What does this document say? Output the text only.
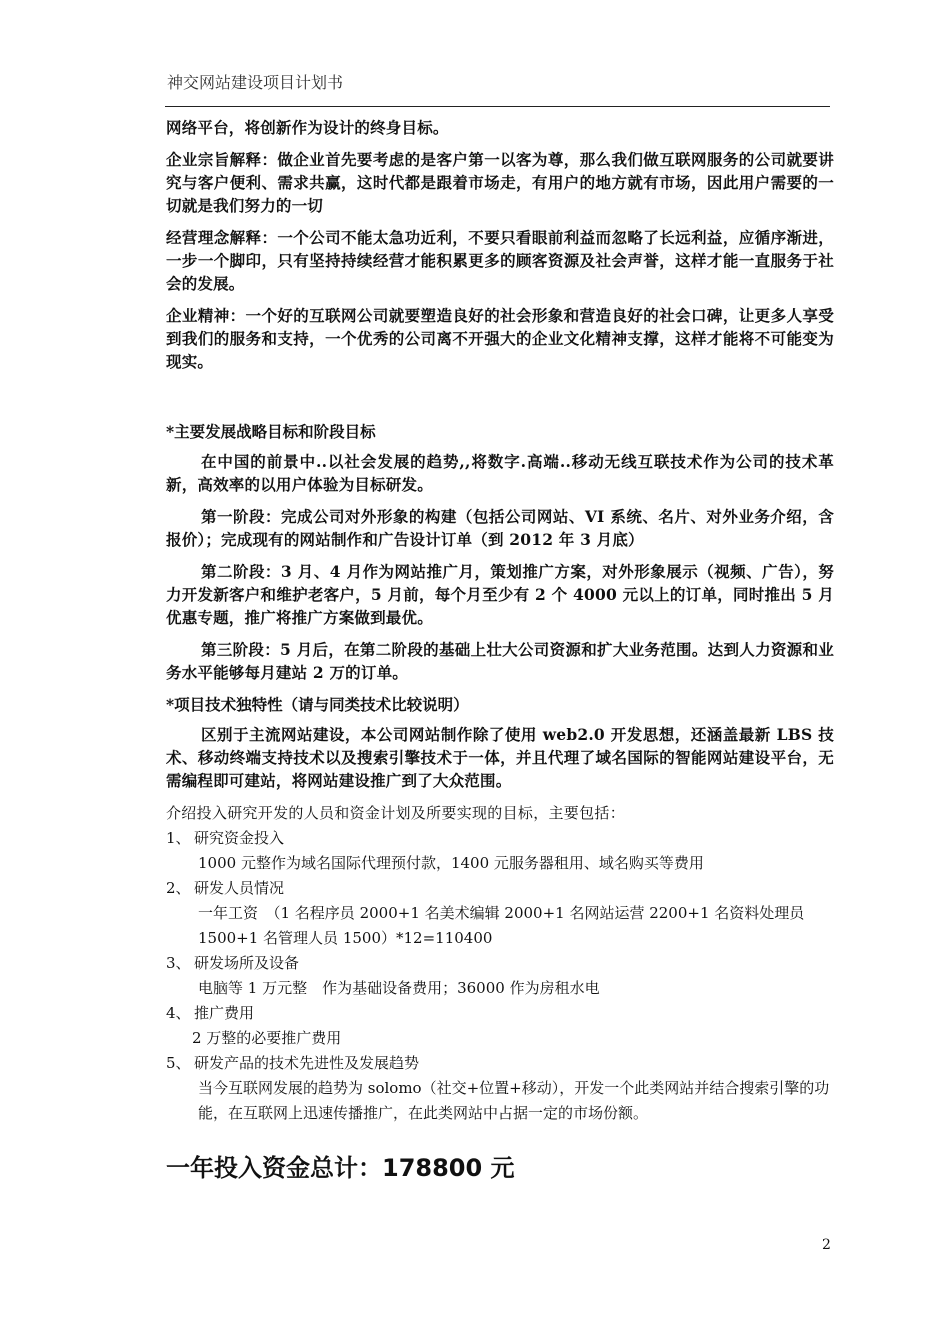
神交网站建设项目计划书

网络平台，将创新作为设计的终身目标。

企业宗旨解释：做企业首先要考虑的是客户第一以客为尊，那么我们做互联网服务的公司就要讲究与客户便利、需求共赢，这时代都是跟着市场走，有用户的地方就有市场，因此用户需要的一切就是我们努力的一切

经营理念解释：一个公司不能太急功近利，不要只看眼前利益而忽略了长远利益，应循序渐进，一步一个脚印，只有坚持持续经营才能积累更多的顾客资源及社会声誉，这样才能一直服务于社会的发展。

企业精神：一个好的互联网公司就要塑造良好的社会形象和营造良好的社会口碑，让更多人享受到我们的服务和支持，一个优秀的公司离不开强大的企业文化精神支撑，这样才能将不可能变为现实。

*主要发展战略目标和阶段目标

在中国的前景中..以社会发展的趋势,,将数字.高端..移动无线互联技术作为公司的技术革新，高效率的以用户体验为目标研发。

第一阶段：完成公司对外形象的构建（包括公司网站、VI 系统、名片、对外业务介绍，含报价）；完成现有的网站制作和广告设计订单（到 2012 年 3 月底）

第二阶段：3 月、4 月作为网站推广月，策划推广方案，对外形象展示（视频、广告），努力开发新客户和维护老客户，5 月前，每个月至少有 2 个 4000 元以上的订单，同时推出 5 月优惠专题，推广将推广方案做到最优。

第三阶段：5 月后，在第二阶段的基础上壮大公司资源和扩大业务范围。达到人力资源和业务水平能够每月建站 2 万的订单。

*项目技术独特性（请与同类技术比较说明）

区别于主流网站建设，本公司网站制作除了使用 web2.0 开发思想，还涵盖最新 LBS 技术、移动终端支持技术以及搜索引擎技术于一体，并且代理了域名国际的智能网站建设平台，无需编程即可建站，将网站建设推广到了大众范围。

介绍投入研究开发的人员和资金计划及所要实现的目标，主要包括：

1、 研究资金投入

1000 元整作为域名国际代理预付款，1400 元服务器租用、域名购买等费用

2、 研发人员情况

一年工资　（1 名程序员 2000+1 名美术编辑 2000+1 名网站运营 2200+1 名资料处理员 1500+1 名管理人员 1500）*12=110400

3、 研发场所及设备

电脑等 1 万元整　作为基础设备费用；36000 作为房租水电

4、 推广费用

2 万整的必要推广费用

5、 研发产品的技术先进性及发展趋势

当今互联网发展的趋势为 solomo（社交+位置+移动），开发一个此类网站并结合搜索引擎的功能，在互联网上迅速传播推广，在此类网站中占据一定的市场份额。

一年投入资金总计：178800 元
2
